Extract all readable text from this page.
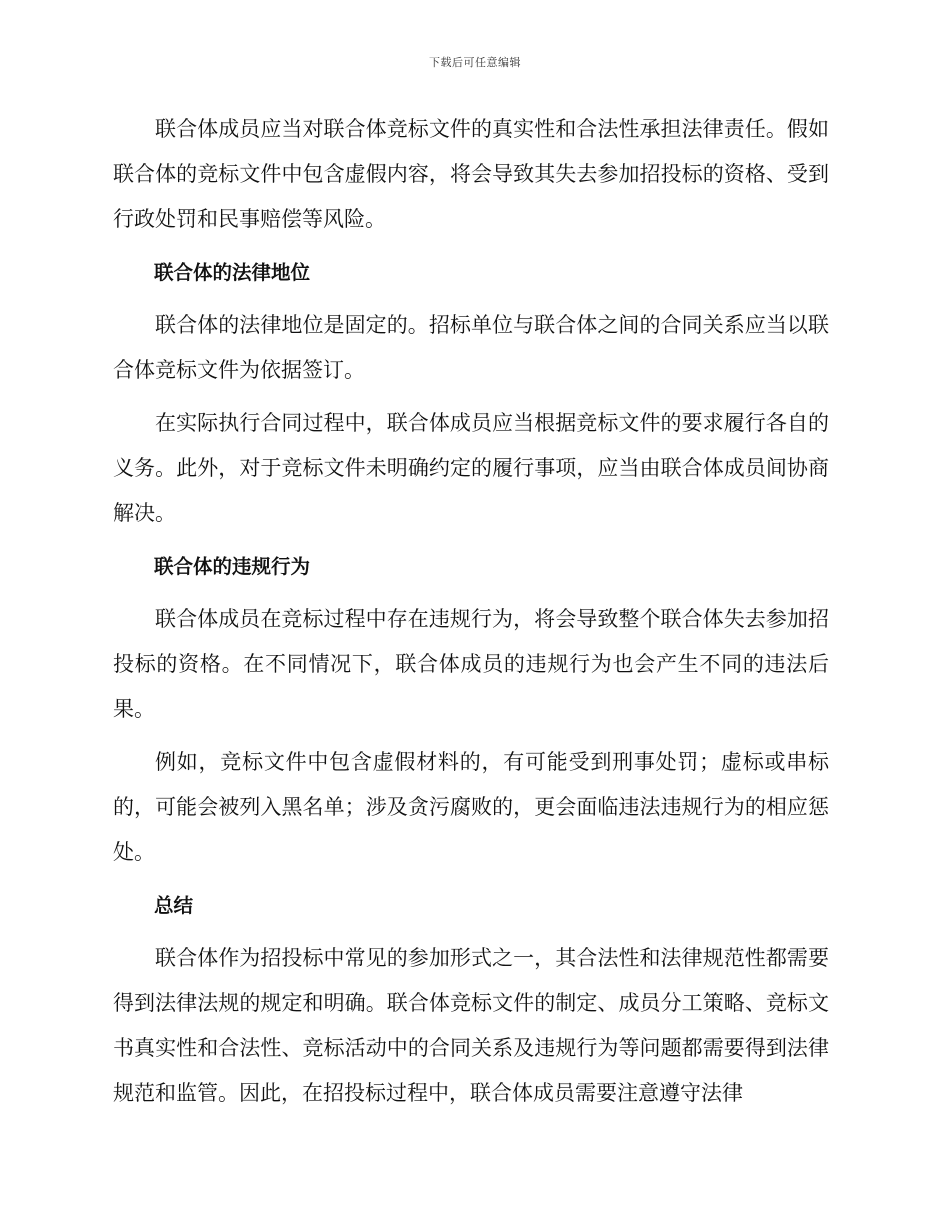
下载后可任意编辑

联合体成员应当对联合体竞标文件的真实性和合法性承担法律责任。假如联合体的竞标文件中包含虚假内容，将会导致其失去参加招投标的资格、受到行政处罚和民事赔偿等风险。

联合体的法律地位

联合体的法律地位是固定的。招标单位与联合体之间的合同关系应当以联合体竞标文件为依据签订。

在实际执行合同过程中，联合体成员应当根据竞标文件的要求履行各自的义务。此外，对于竞标文件未明确约定的履行事项，应当由联合体成员间协商解决。

联合体的违规行为

联合体成员在竞标过程中存在违规行为，将会导致整个联合体失去参加招投标的资格。在不同情况下，联合体成员的违规行为也会产生不同的违法后果。

例如，竞标文件中包含虚假材料的，有可能受到刑事处罚；虚标或串标的，可能会被列入黑名单；涉及贪污腐败的，更会面临违法违规行为的相应惩处。

总结

联合体作为招投标中常见的参加形式之一，其合法性和法律规范性都需要得到法律法规的规定和明确。联合体竞标文件的制定、成员分工策略、竞标文书真实性和合法性、竞标活动中的合同关系及违规行为等问题都需要得到法律规范和监管。因此，在招投标过程中，联合体成员需要注意遵守法律
